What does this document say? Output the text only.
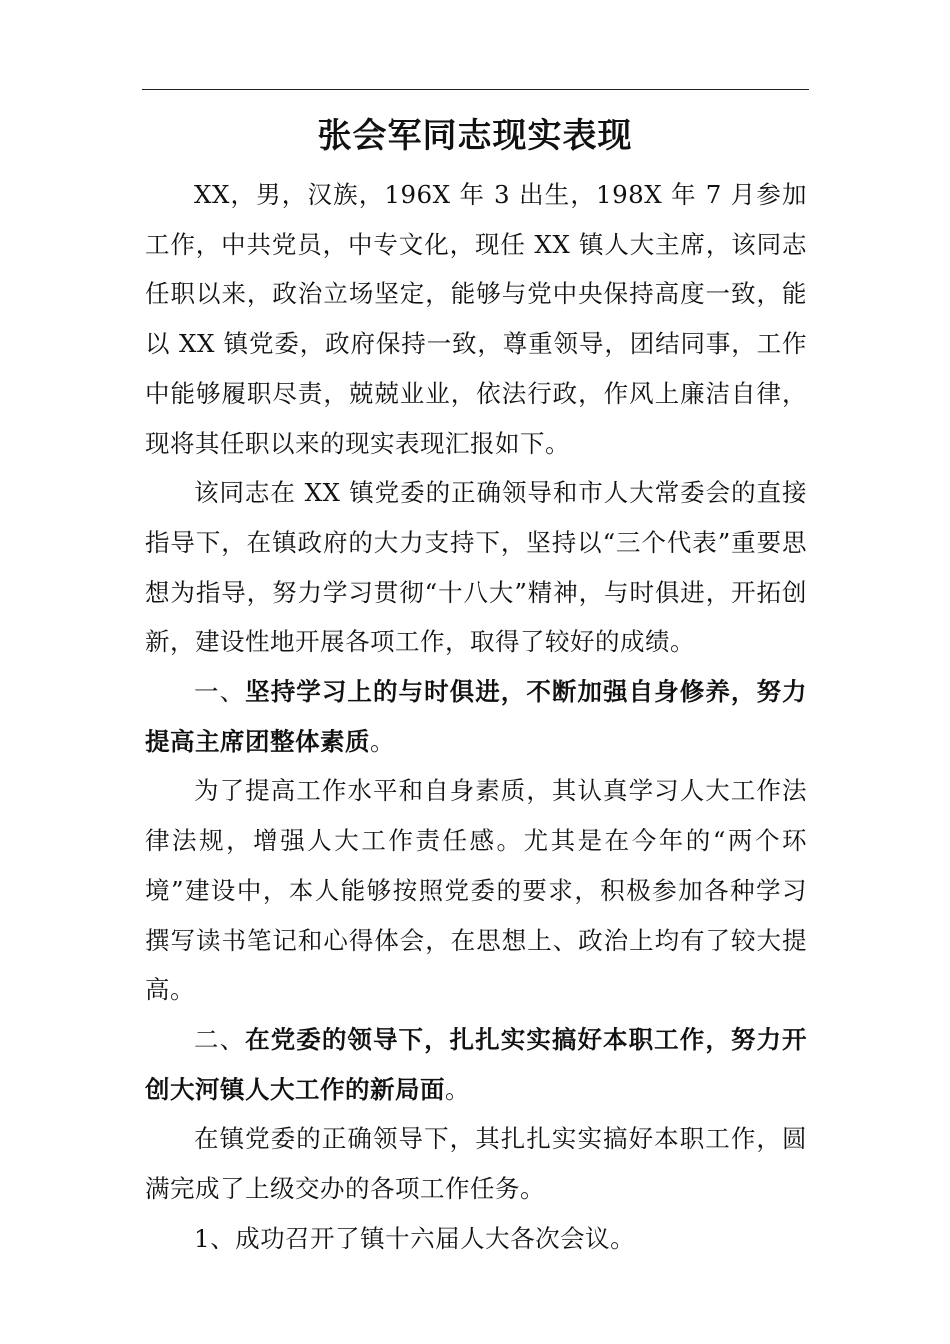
张会军同志现实表现

XX，男，汉族，196X 年 3 出生，198X 年 7 月参加工作，中共党员，中专文化，现任 XX 镇人大主席，该同志任职以来，政治立场坚定，能够与党中央保持高度一致，能以 XX 镇党委，政府保持一致，尊重领导，团结同事，工作中能够履职尽责，兢兢业业，依法行政，作风上廉洁自律，现将其任职以来的现实表现汇报如下。

该同志在 XX 镇党委的正确领导和市人大常委会的直接指导下，在镇政府的大力支持下，坚持以“三个代表”重要思想为指导，努力学习贯彻“十八大”精神，与时俱进，开拓创新，建设性地开展各项工作，取得了较好的成绩。

一、坚持学习上的与时俱进，不断加强自身修养，努力提高主席团整体素质。

为了提高工作水平和自身素质，其认真学习人大工作法律法规，增强人大工作责任感。尤其是在今年的“两个环境”建设中，本人能够按照党委的要求，积极参加各种学习撰写读书笔记和心得体会，在思想上、政治上均有了较大提高。

二、在党委的领导下，扎扎实实搞好本职工作，努力开创大河镇人大工作的新局面。

在镇党委的正确领导下，其扎扎实实搞好本职工作，圆满完成了上级交办的各项工作任务。

1、成功召开了镇十六届人大各次会议。
